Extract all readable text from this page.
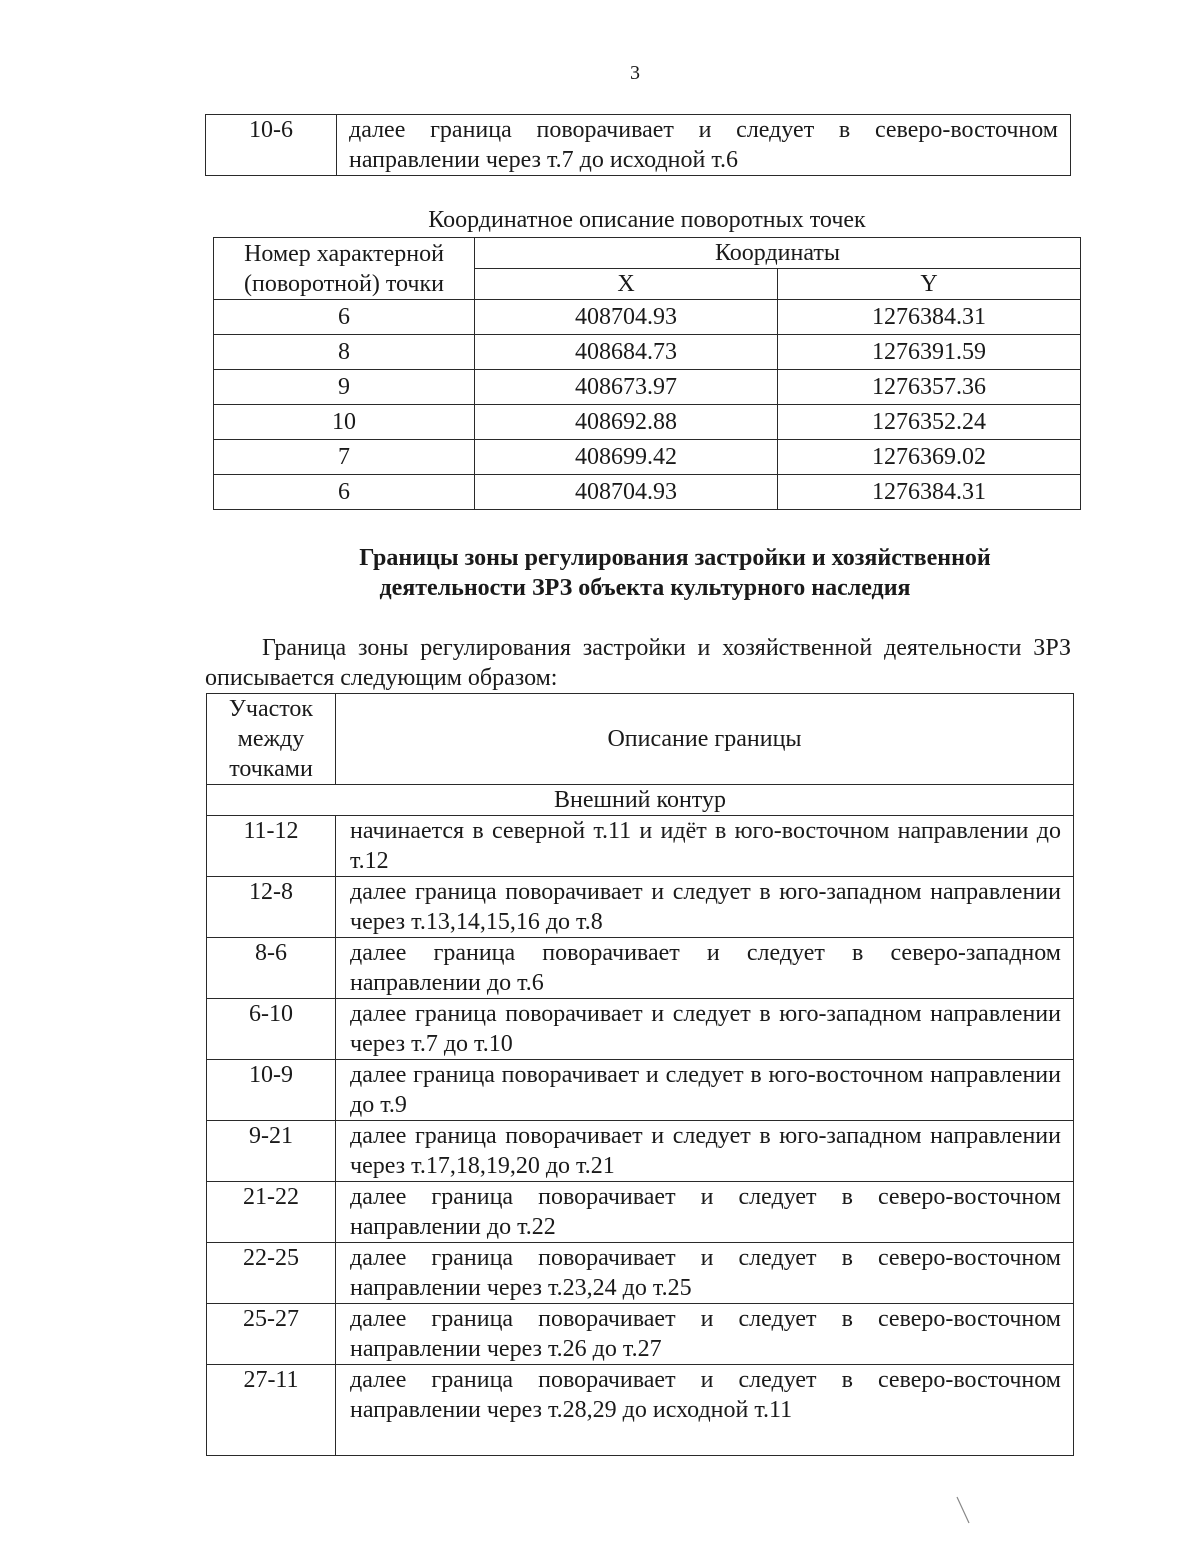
3
10-6	далее граница поворачивает и следует в северо-восточном направлении через т.7 до исходной т.6
Координатное описание поворотных точек
Номер характерной
(поворотной) точки	Координаты	
	X	Y
6	408704.93	1276384.31
8	408684.73	1276391.59
9	408673.97	1276357.36
10	408692.88	1276352.24
7	408699.42	1276369.02
6	408704.93	1276384.31
Границы зоны регулирования застройки и хозяйственной
деятельности ЗРЗ объекта культурного наследия
Граница зоны регулирования застройки и хозяйственной деятельности ЗРЗ описывается следующим образом:
Участок
между
точками	Описание границы
Внешний контур	
11-12	начинается в северной т.11 и идёт в юго-восточном направлении до т.12
12-8	далее граница поворачивает и следует в юго-западном направлении через т.13,14,15,16 до т.8
8-6	далее граница поворачивает и следует в северо-западном направлении до т.6
6-10	далее граница поворачивает и следует в юго-западном направлении через т.7 до т.10
10-9	далее граница поворачивает и следует в юго-восточном направлении до т.9
9-21	далее граница поворачивает и следует в юго-западном направлении через т.17,18,19,20 до т.21
21-22	далее граница поворачивает и следует в северо-восточном направлении до т.22
22-25	далее граница поворачивает и следует в северо-восточном направлении через т.23,24 до т.25
25-27	далее граница поворачивает и следует в северо-восточном направлении через т.26 до т.27
27-11	далее граница поворачивает и следует в северо-восточном направлении через т.28,29 до исходной т.11
